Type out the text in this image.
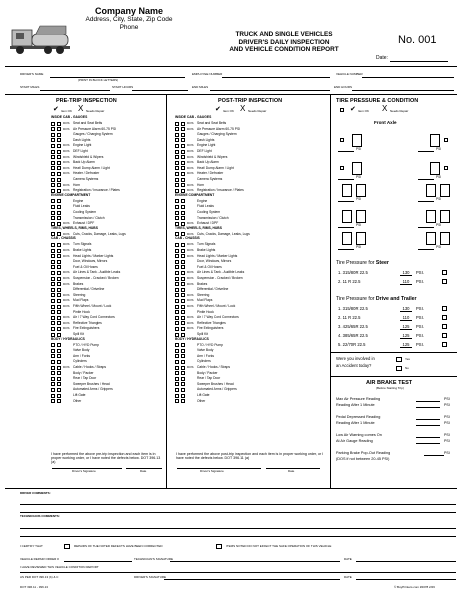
Company Name
Address, City, State, Zip Code
Phone
TRUCK AND SINGLE VEHICLES
DRIVER'S DAILY INSPECTION
AND VEHICLE CONDITION REPORT
No. 001
Date:
DRIVER'S NAME
(PRINT IN BLOCK LETTERS)
EMPLOYEE NUMBER	VEHICLE NUMBER
START MILES	START HOURS	END MILES	END HOURS
PRE-TRIP INSPECTION
✔ X
Item OK	Needs Repair
INSIDE CAB - GAUGES
DOS Seat and Seat Belts
DOS Air Pressure Alarm 60-75 PSI
Gauges / Charging System
Dash Lights
DOS Engine Light
DOS DEF Light
DOS Windshield & Wipers
DOS Back Up Alarm
DOS Heat/ Dump Alarm / Light
DOS Heater / Defroster
Camera Systems
DOS Horn
DOS Registration / Insurance / Plates
ENGINE COMPARTMENT
Engine
Fluid Leaks
Cooling System
Transmission / Clutch
DOS Exhaust / DPF
TIRES, WHEELS, RIMS, HUBS
DOS Cuts, Cracks, Damage, Leaks, Lugs
CAB - CHASSIS
DOS Turn Signals
DOS Brake Lights
DOS Head Lights / Marker Lights
Door, Windows, Mirrors
Fuel & Oil Hoses
DOS Air Lines & Tank - Audible Leaks
DOS Suspension - Cracked / Broken
DOS Brakes
Differential / Driveline
DOS Steering
DOS Mud Flaps
DOS Fifth Wheel / Mount / Lock
Pintle Hook
DOS Air / 7 Way Cord Connectors
DOS Reflective Triangles
DOS Fire Extinguishers
Spill Kit
BODY / HYDRAULICS
PTO / HYD Pump
Valve Body
Arm / Forks
Cylinders
DOS Cable / Hooks / Straps
Body / Packer
Rear / Tap Door
Sweeper Brushes / Head
Automated Arms / Grippers
Lift Gate
Other
I have performed the above pre-trip inspection and each item is in proper working order, or I have noted the defects below. DOT 396.13 (a)
Driver's Signature	Date
POST-TRIP INSPECTION
✔ X
Item OK	Needs Repair
INSIDE CAB - GAUGES
DOS Seat and Seat Belts
DOS Air Pressure Alarm 60-75 PSI
Gauges / Charging System
Dash Lights
DOS Engine Light
DOS DEF Light
DOS Windshield & Wipers
DOS Back Up Alarm
DOS Heat/ Dump Alarm / Light
DOS Heater / Defroster
Camera Systems
DOS Horn
DOS Registration / Insurance / Plates
ENGINE COMPARTMENT
Engine
Fluid Leaks
Cooling System
Transmission / Clutch
DOS Exhaust / DPF
TIRES, WHEELS, RIMS, HUBS
DOS Cuts, Cracks, Damage, Leaks, Lugs
CAB - CHASSIS
DOS Turn Signals
DOS Brake Lights
DOS Head Lights / Marker Lights
Door, Windows, Mirrors
Fuel & Oil Hoses
DOS Air Lines & Tank - Audible Leaks
DOS Suspension - Cracked / Broken
DOS Brakes
Differential / Driveline
DOS Steering
DOS Mud Flaps
DOS Fifth Wheel / Mount / Lock
Pintle Hook
DOS Air / 7 Way Cord Connectors
DOS Reflective Triangles
DOS Fire Extinguishers
Spill Kit
BODY / HYDRAULICS
PTO / HYD Pump
Valve Body
Arm / Forks
Cylinders
DOS Cable / Hooks / Straps
Body / Packer
Rear / Tap Door
Sweeper Brushes / Head
Automated Arms / Grippers
Lift Gate
Other
I have performed the above post-trip inspection and each item is in proper working order, or I have noted the defects below. DOT 396.11 (a)
Driver's Signature	Date
TIRE PRESSURE & CONDITION
✔	X
Item OK	Needs Repair
Front Axle
PSI	PSI
PSI	PSI
PSI	PSI
PSI	PSI
PSI	PSI
Tire Pressure for Steer
1. 315/80R 22.5	130	PSI.
2. 11 R 22.5	110	PSI.
Tire Pressure for Drive and Trailer
1. 315/80R 22.5	130	PSI.
2. 11 R 22.5	110	PSI.
3. 425/65R 22.5	125	PSI.
4. 385/65R 22.5	125	PSI.
5. 22/70R 22.5	125	PSI.
Were you involved in
an Accident today?
Yes
No
AIR BRAKE TEST
(Before Starting Trip)
Max Air Pressure Reading	PSI
Reading After 1 Minute	PSI
Pedal Depressed Reading	PSI
Reading After 1 Minute	PSI
Low Air Warning comes On	PSI
At Air Gauge Reading	PSI
Parking Brake Pop-Out Reading	PSI
(DOS if not between 20-45 PSI)
DRIVER COMMENTS:
TECHNICIANS COMMENTS:
I CERTIFY THAT	REPAIRS OF THE NOTED DEFECTS HAVE BEEN CORRECTED	ITEMS NOTED DO NOT EFFECT THE SAFE OPERATION OF THIS VEHICLE
VEHICLE REPAIR ORDER #	TECHNICIAN'S SIGNATURE	DATE
I HAVE REVIEWED THIS VEHICLE CONDITION REPORT
AS PER DOT 396.13 (b) & C	DRIVER'S SIGNATURE	DATE
DOT 396.11 - 396.13	© BuyPrinters.com #2078 2/26
